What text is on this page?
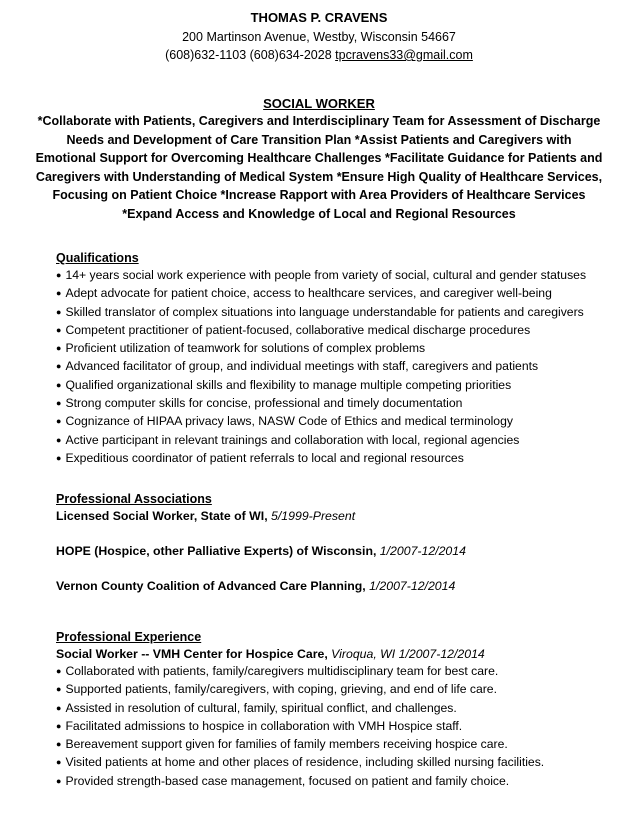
THOMAS P. CRAVENS
200 Martinson Avenue, Westby, Wisconsin 54667
(608)632-1103 (608)634-2028 tpcravens33@gmail.com
SOCIAL WORKER
*Collaborate with Patients, Caregivers and Interdisciplinary Team for Assessment of Discharge
Needs and Development of Care Transition Plan *Assist Patients and Caregivers with
Emotional Support for Overcoming Healthcare Challenges *Facilitate Guidance for Patients and
Caregivers with Understanding of Medical System *Ensure High Quality of Healthcare Services,
Focusing on Patient Choice *Increase Rapport with Area Providers of Healthcare Services
*Expand Access and Knowledge of Local and Regional Resources
Qualifications
● 14+ years social work experience with people from variety of social, cultural and gender statuses
● Adept advocate for patient choice, access to healthcare services, and caregiver well-being
● Skilled translator of complex situations into language understandable for patients and caregivers
● Competent practitioner of patient-focused, collaborative medical discharge procedures
● Proficient utilization of teamwork for solutions of complex problems
● Advanced facilitator of group, and individual meetings with staff, caregivers and patients
● Qualified organizational skills and flexibility to manage multiple competing priorities
● Strong computer skills for concise, professional and timely documentation
● Cognizance of HIPAA privacy laws, NASW Code of Ethics and medical terminology
● Active participant in relevant trainings and collaboration with local, regional agencies
● Expeditious coordinator of patient referrals to local and regional resources
Professional Associations
Licensed Social Worker, State of WI, 5/1999-Present
HOPE (Hospice, other Palliative Experts) of Wisconsin, 1/2007-12/2014
Vernon County Coalition of Advanced Care Planning, 1/2007-12/2014
Professional Experience
Social Worker -- VMH Center for Hospice Care, Viroqua, WI 1/2007-12/2014
● Collaborated with patients, family/caregivers multidisciplinary team for best care.
● Supported patients, family/caregivers, with coping, grieving, and end of life care.
● Assisted in resolution of cultural, family, spiritual conflict, and challenges.
● Facilitated admissions to hospice in collaboration with VMH Hospice staff.
● Bereavement support given for families of family members receiving hospice care.
● Visited patients at home and other places of residence, including skilled nursing facilities.
● Provided strength-based case management, focused on patient and family choice.
